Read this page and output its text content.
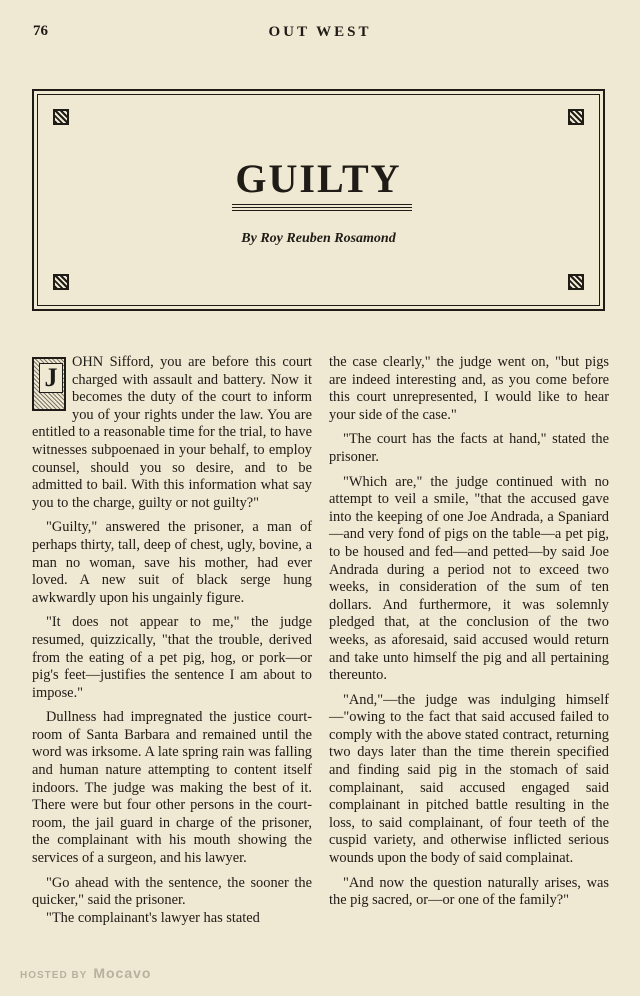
76	OUT WEST
GUILTY
By Roy Reuben Rosamond

J
OHN Sifford, you are before this court charged with assault and battery. Now it becomes the duty of the court to inform you of your rights under the law. You are entitled to a reasonable time for the trial, to have witnesses subpoenaed in your behalf, to employ counsel, should you so desire, and to be admitted to bail. With this information what say you to the charge, guilty or not guilty?"

"Guilty," answered the prisoner, a man of perhaps thirty, tall, deep of chest, ugly, bovine, a man no woman, save his mother, had ever loved. A new suit of black serge hung awkwardly upon his ungainly figure.

"It does not appear to me," the judge resumed, quizzically, "that the trouble, derived from the eating of a pet pig, hog, or pork—or pig's feet—justifies the sentence I am about to impose."

Dullness had impregnated the justice court-room of Santa Barbara and remained until the word was irksome. A late spring rain was falling and human nature attempting to content itself indoors. The judge was making the best of it. There were but four other persons in the court-room, the jail guard in charge of the prisoner, the complainant with his mouth showing the services of a surgeon, and his lawyer.

"Go ahead with the sentence, the sooner the quicker," said the prisoner.

"The complainant's lawyer has stated

the case clearly," the judge went on, "but pigs are indeed interesting and, as you come before this court unrepresented, I would like to hear your side of the case."

"The court has the facts at hand," stated the prisoner.

"Which are," the judge continued with no attempt to veil a smile, "that the accused gave into the keeping of one Joe Andrada, a Spaniard—and very fond of pigs on the table—a pet pig, to be housed and fed—and petted—by said Joe Andrada during a period not to exceed two weeks, in consideration of the sum of ten dollars. And furthermore, it was solemnly pledged that, at the conclusion of the two weeks, as aforesaid, said accused would return and take unto himself the pig and all pertaining thereunto.

"And,"—the judge was indulging himself—"owing to the fact that said accused failed to comply with the above stated contract, returning two days later than the time therein specified and finding said pig in the stomach of said complainant, said accused engaged said complainant in pitched battle resulting in the loss, to said complainant, of four teeth of the cuspid variety, and otherwise inflicted serious wounds upon the body of said complainat.

"And now the question naturally arises, was the pig sacred, or—or one of the family?"

HOSTED BY Mocavo
